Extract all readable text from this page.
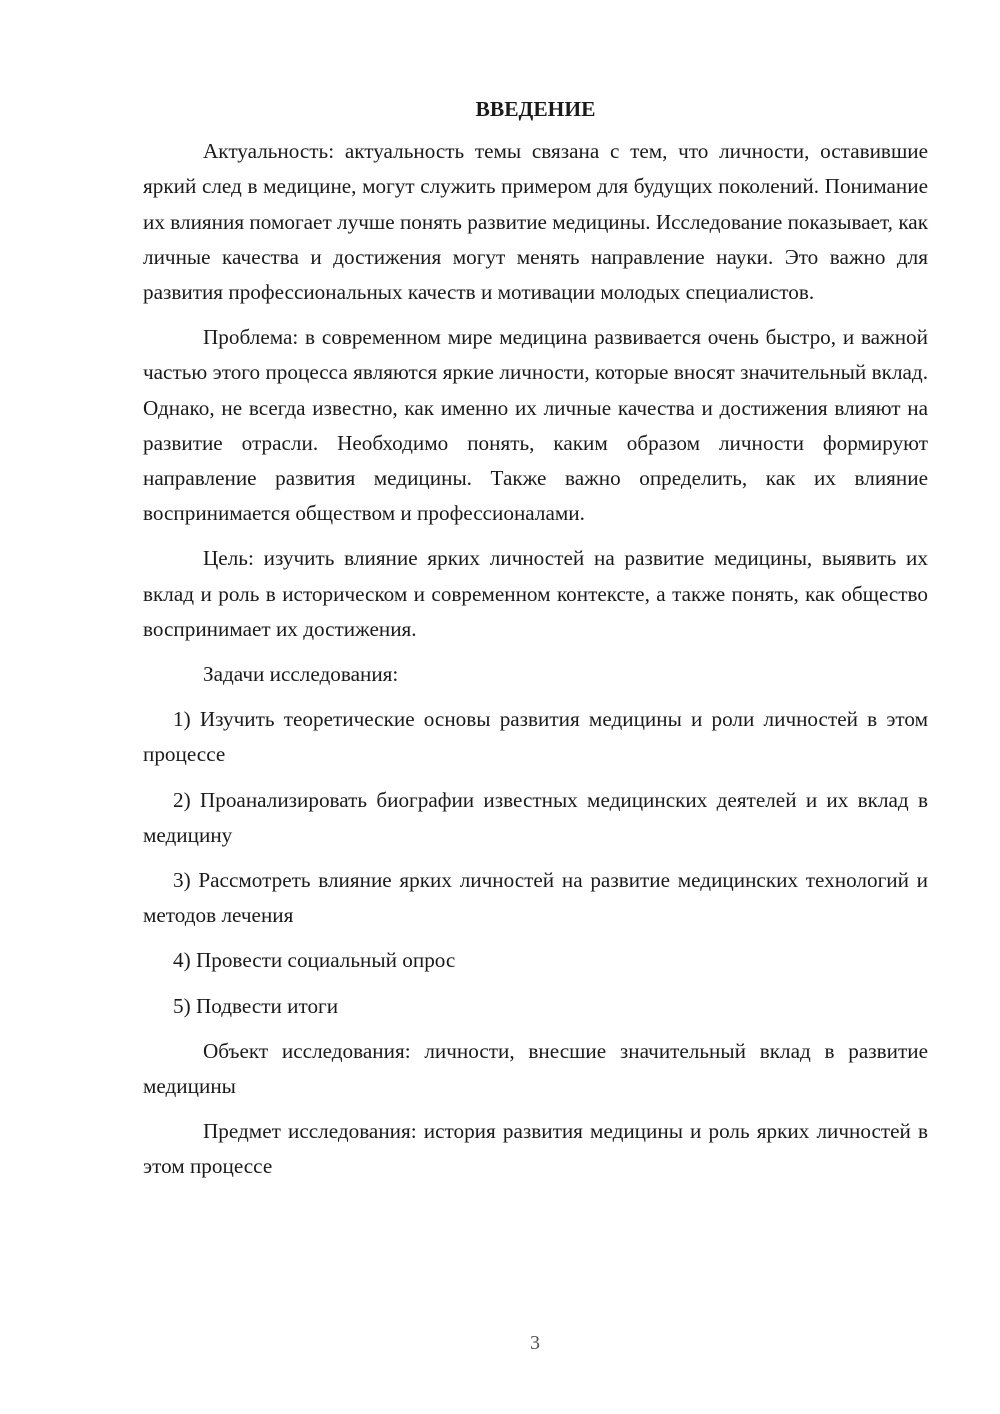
ВВЕДЕНИЕ
Актуальность: актуальность темы связана с тем, что личности, оставившие яркий след в медицине, могут служить примером для будущих поколений. Понимание их влияния помогает лучше понять развитие медицины. Исследование показывает, как личные качества и достижения могут менять направление науки. Это важно для развития профессиональных качеств и мотивации молодых специалистов.
Проблема: в современном мире медицина развивается очень быстро, и важной частью этого процесса являются яркие личности, которые вносят значительный вклад. Однако, не всегда известно, как именно их личные качества и достижения влияют на развитие отрасли. Необходимо понять, каким образом личности формируют направление развития медицины. Также важно определить, как их влияние воспринимается обществом и профессионалами.
Цель: изучить влияние ярких личностей на развитие медицины, выявить их вклад и роль в историческом и современном контексте, а также понять, как общество воспринимает их достижения.
Задачи исследования:
1) Изучить теоретические основы развития медицины и роли личностей в этом процессе
2) Проанализировать биографии известных медицинских деятелей и их вклад в медицину
3) Рассмотреть влияние ярких личностей на развитие медицинских технологий и методов лечения
4) Провести социальный опрос
5) Подвести итоги
Объект исследования: личности, внесшие значительный вклад в развитие медицины
Предмет исследования: история развития медицины и роль ярких личностей в этом процессе
3
